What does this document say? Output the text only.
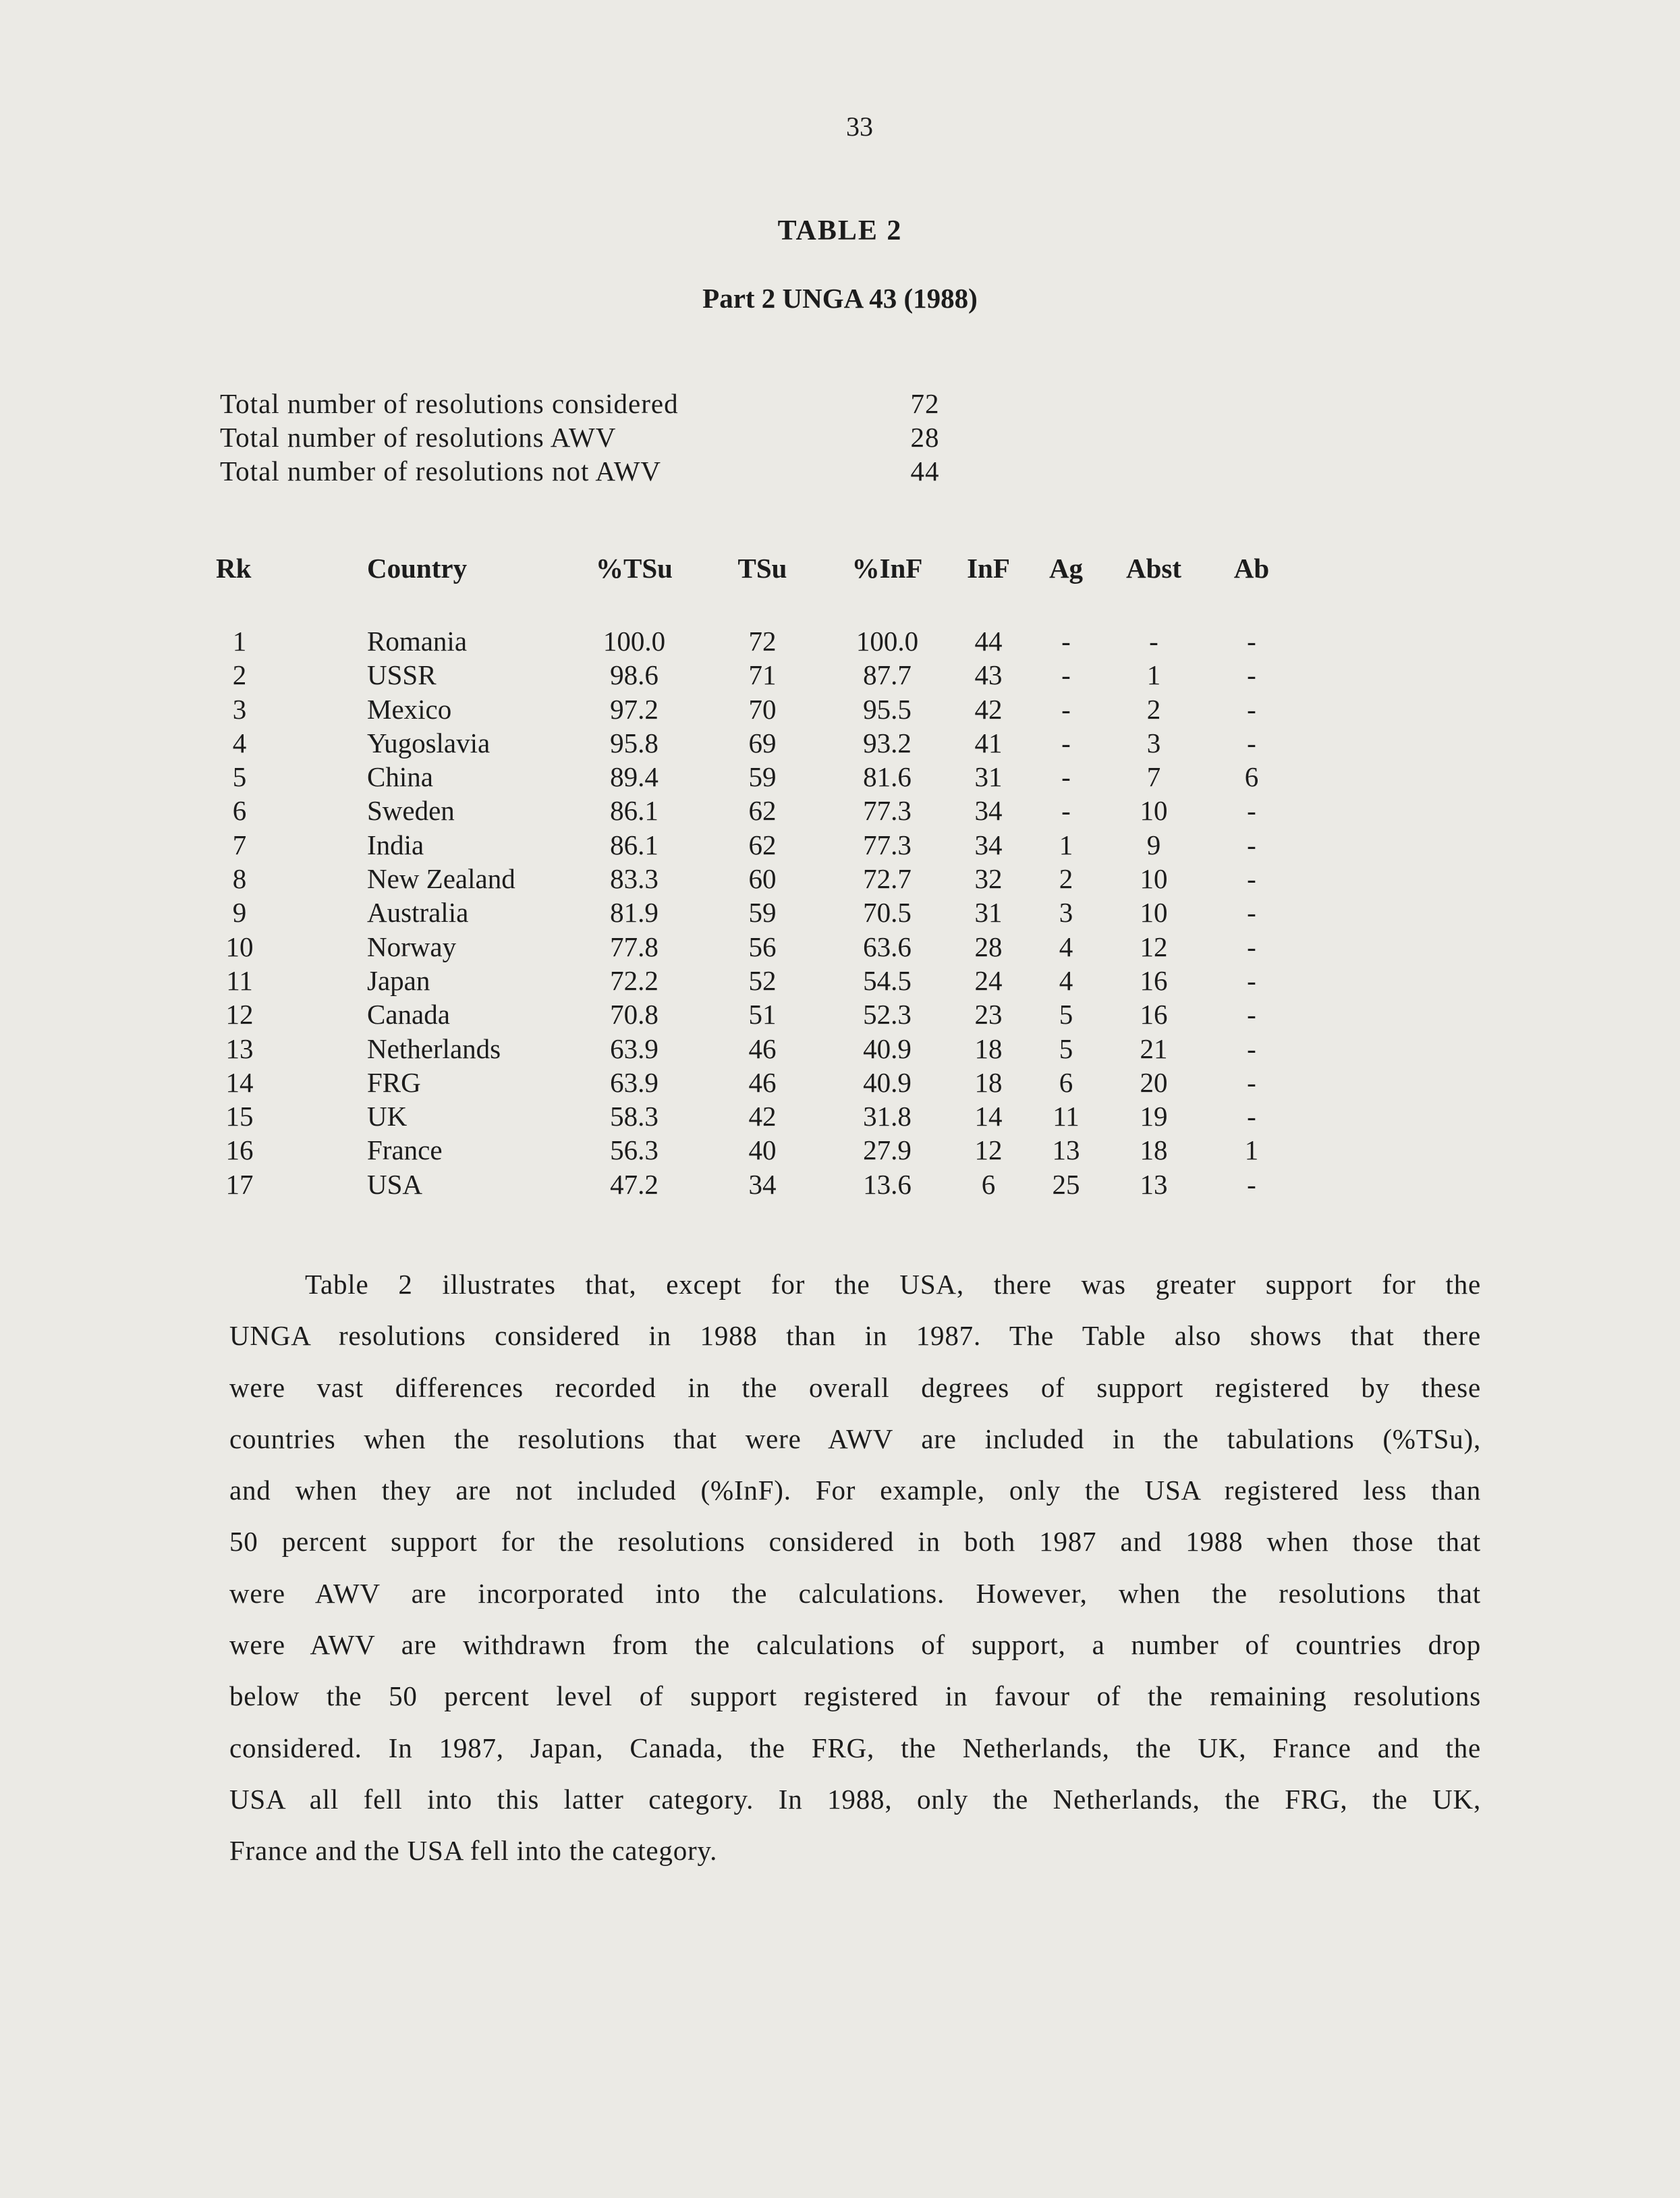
33
TABLE 2
Part 2 UNGA 43 (1988)
Total number of resolutions considered	72
Total number of resolutions AWV	28
Total number of resolutions not AWV	44
Rk	Country	%TSu	TSu	%InF	InF	Ag	Abst	Ab
1	Romania	100.0	72	100.0	44	-	-	-
2	USSR	98.6	71	87.7	43	-	1	-
3	Mexico	97.2	70	95.5	42	-	2	-
4	Yugoslavia	95.8	69	93.2	41	-	3	-
5	China	89.4	59	81.6	31	-	7	6
6	Sweden	86.1	62	77.3	34	-	10	-
7	India	86.1	62	77.3	34	1	9	-
8	New Zealand	83.3	60	72.7	32	2	10	-
9	Australia	81.9	59	70.5	31	3	10	-
10	Norway	77.8	56	63.6	28	4	12	-
11	Japan	72.2	52	54.5	24	4	16	-
12	Canada	70.8	51	52.3	23	5	16	-
13	Netherlands	63.9	46	40.9	18	5	21	-
14	FRG	63.9	46	40.9	18	6	20	-
15	UK	58.3	42	31.8	14	11	19	-
16	France	56.3	40	27.9	12	13	18	1
17	USA	47.2	34	13.6	6	25	13	-
Table 2 illustrates that, except for the USA, there was greater support for the
UNGA resolutions considered in 1988 than in 1987. The Table also shows that there
were vast differences recorded in the overall degrees of support registered by these
countries when the resolutions that were AWV are included in the tabulations (%TSu),
and when they are not included (%InF). For example, only the USA registered less than
50 percent support for the resolutions considered in both 1987 and 1988 when those that
were AWV are incorporated into the calculations. However, when the resolutions that
were AWV are withdrawn from the calculations of support, a number of countries drop
below the 50 percent level of support registered in favour of the remaining resolutions
considered. In 1987, Japan, Canada, the FRG, the Netherlands, the UK, France and the
USA all fell into this latter category. In 1988, only the Netherlands, the FRG, the UK,
France and the USA fell into the category.
